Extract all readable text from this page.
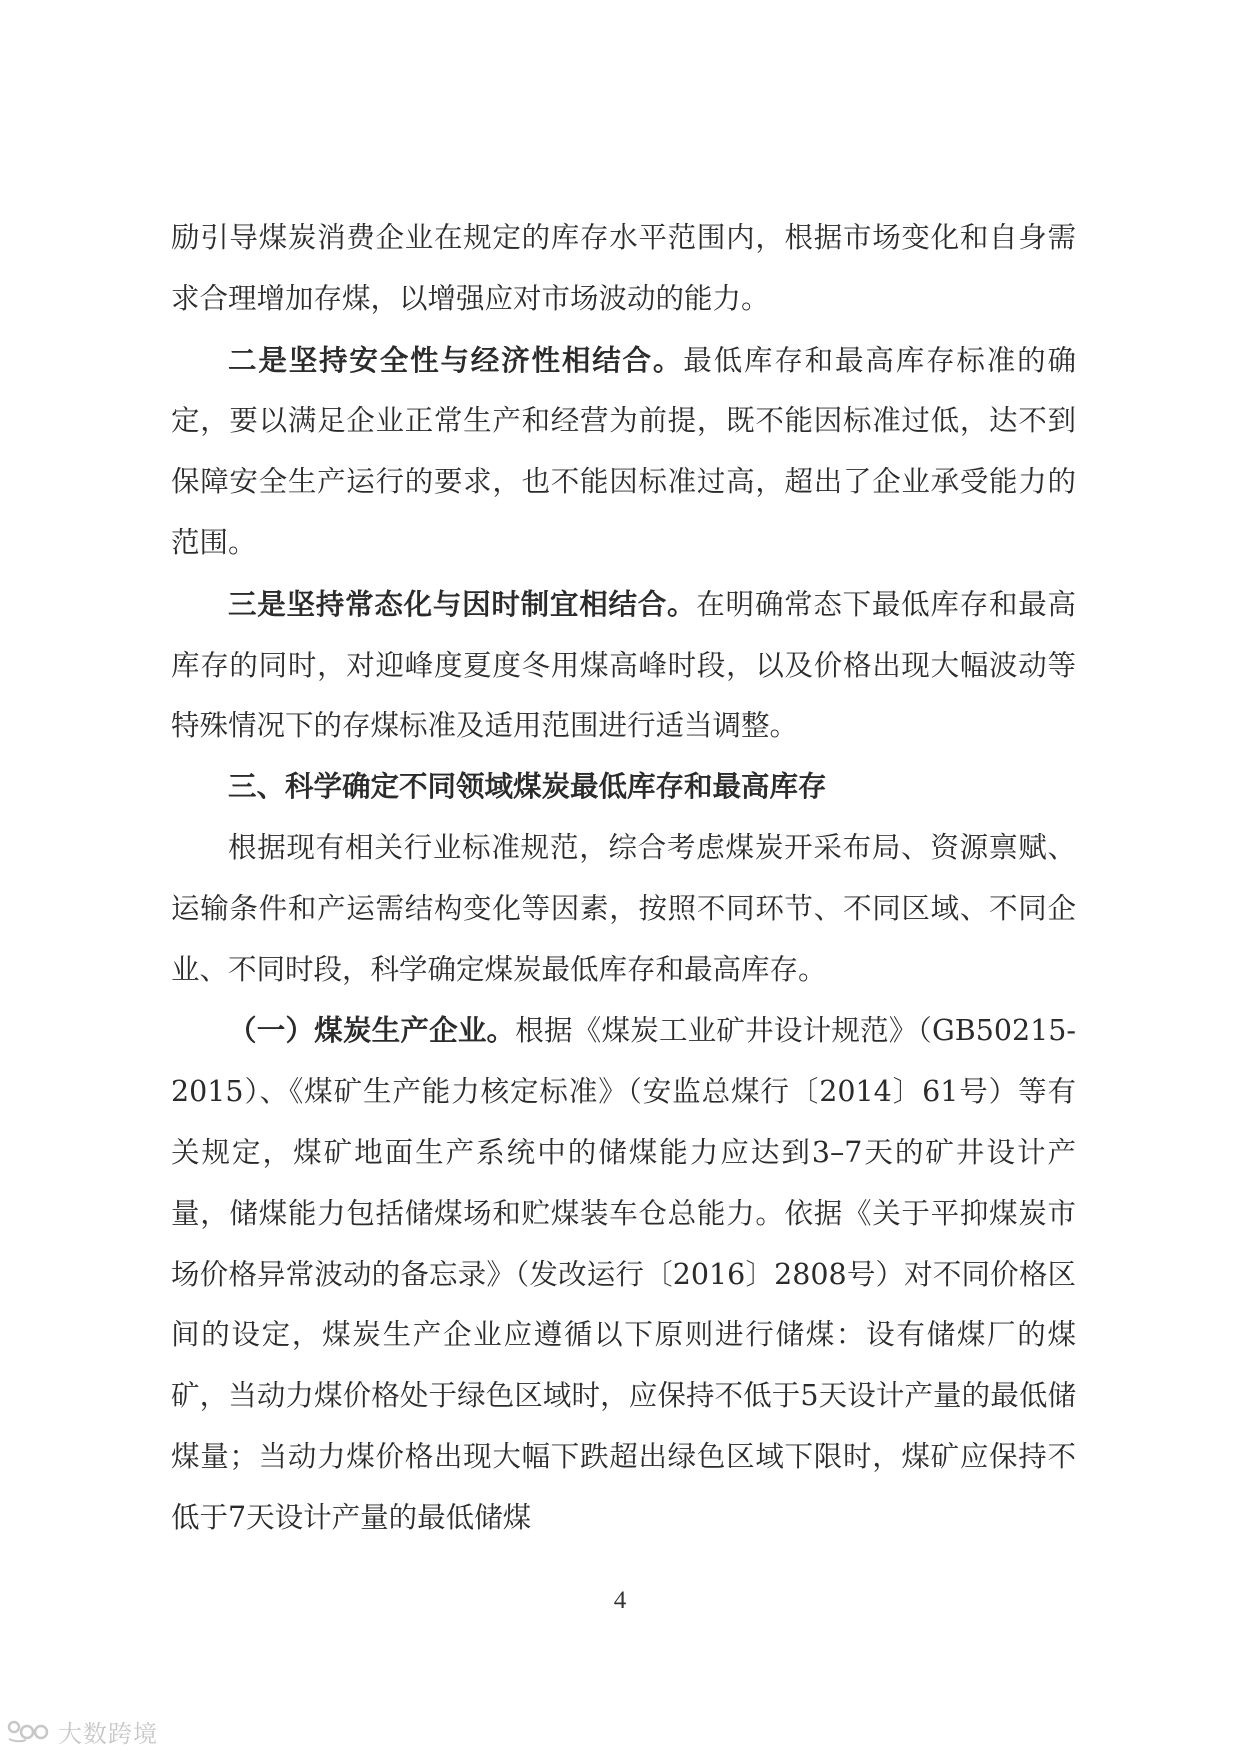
励引导煤炭消费企业在规定的库存水平范围内，根据市场变化和自身需求合理增加存煤，以增强应对市场波动的能力。

二是坚持安全性与经济性相结合。最低库存和最高库存标准的确定，要以满足企业正常生产和经营为前提，既不能因标准过低，达不到保障安全生产运行的要求，也不能因标准过高，超出了企业承受能力的范围。

三是坚持常态化与因时制宜相结合。在明确常态下最低库存和最高库存的同时，对迎峰度夏度冬用煤高峰时段，以及价格出现大幅波动等特殊情况下的存煤标准及适用范围进行适当调整。

三、科学确定不同领域煤炭最低库存和最高库存

根据现有相关行业标准规范，综合考虑煤炭开采布局、资源禀赋、运输条件和产运需结构变化等因素，按照不同环节、不同区域、不同企业、不同时段，科学确定煤炭最低库存和最高库存。

（一）煤炭生产企业。根据《煤炭工业矿井设计规范》（GB50215-2015）、《煤矿生产能力核定标准》（安监总煤行〔2014〕61号）等有关规定，煤矿地面生产系统中的储煤能力应达到3–7天的矿井设计产量，储煤能力包括储煤场和贮煤装车仓总能力。依据《关于平抑煤炭市场价格异常波动的备忘录》（发改运行〔2016〕2808号）对不同价格区间的设定，煤炭生产企业应遵循以下原则进行储煤：设有储煤厂的煤矿，当动力煤价格处于绿色区域时，应保持不低于5天设计产量的最低储煤量；当动力煤价格出现大幅下跌超出绿色区域下限时，煤矿应保持不低于7天设计产量的最低储煤

4
大数跨境
